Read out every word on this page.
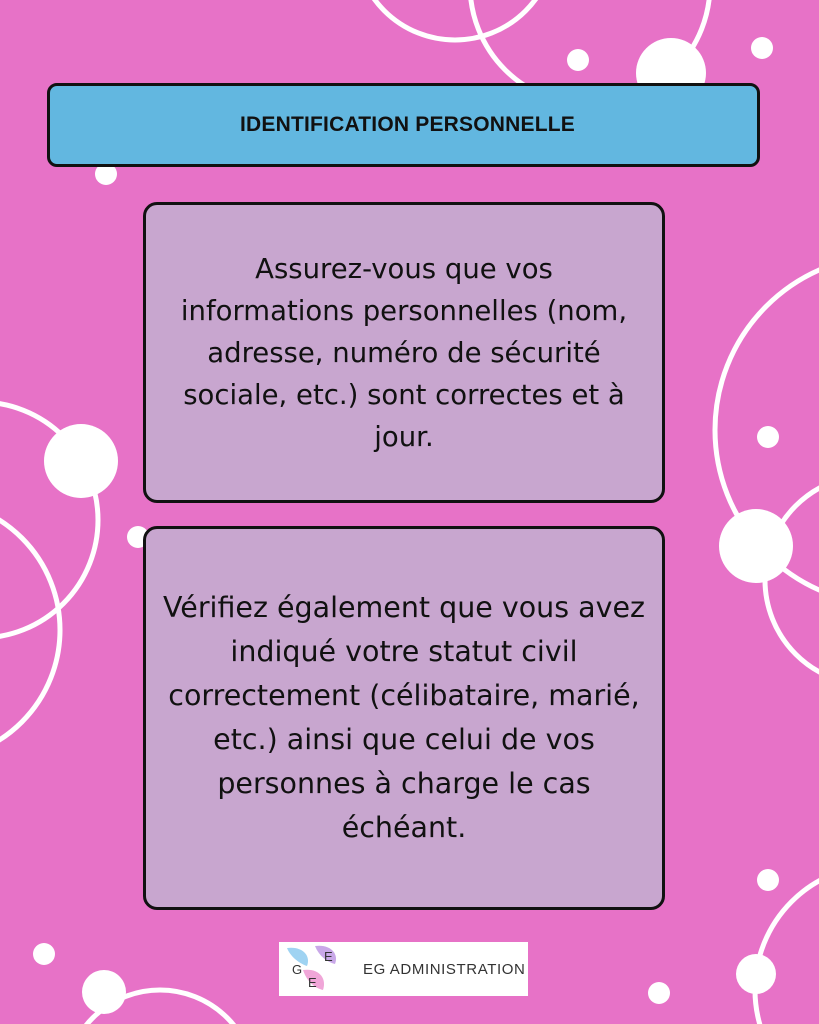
IDENTIFICATION PERSONNELLE
Assurez-vous que vos
informations personnelles (nom,
adresse, numéro de sécurité
sociale, etc.) sont correctes et à
jour.
Vérifiez également que vous avez
indiqué votre statut civil
correctement (célibataire, marié,
etc.) ainsi que celui de vos
personnes à charge le cas
échéant.
E
G
E
EG ADMINISTRATION
